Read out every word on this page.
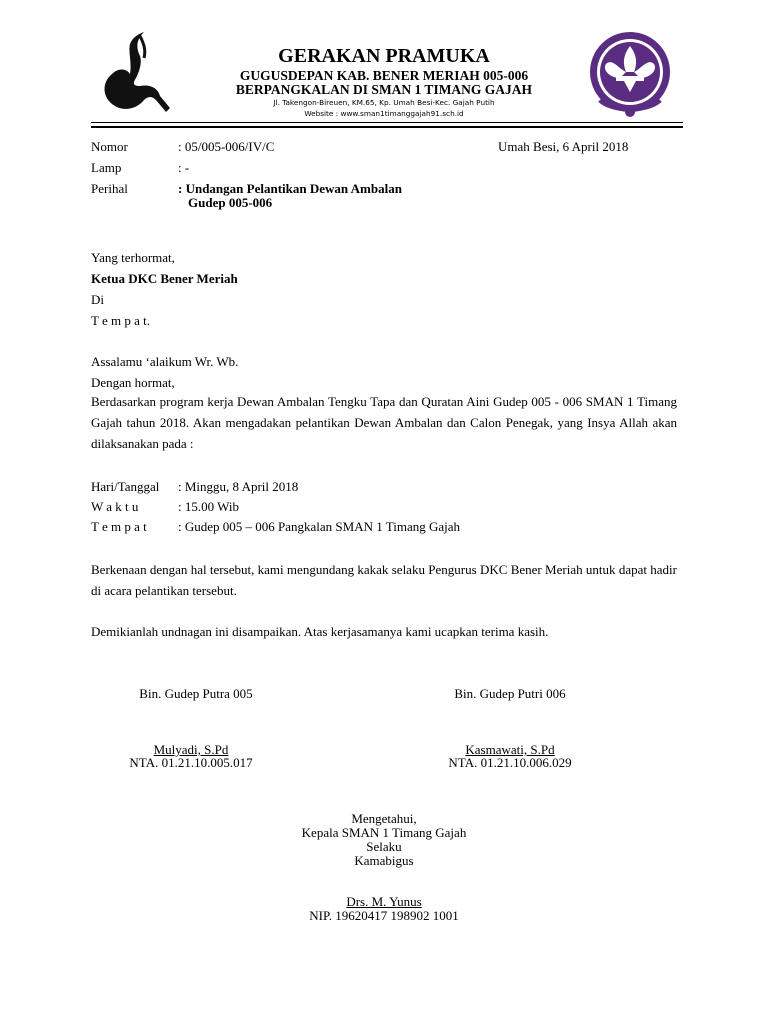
GERAKAN PRAMUKA
GUGUSDEPAN KAB. BENER MERIAH 005-006
BERPANGKALAN DI SMAN 1 TIMANG GAJAH
Jl. Takengon-Bireuen, KM.65, Kp. Umah Besi-Kec. Gajah Putih
Website : www.sman1timanggajah91.sch.id
Nomor	: 05/005-006/IV/C	Umah Besi, 6 April 2018
Lamp	: -
Perihal	: Undangan Pelantikan Dewan Ambalan
Gudep 005-006
Yang terhormat,
Ketua DKC Bener Meriah
Di
T e m p a t.
Assalamu ‘alaikum Wr. Wb.
Dengan hormat,
Berdasarkan program kerja Dewan Ambalan Tengku Tapa dan Quratan Aini Gudep 005 - 006 SMAN 1 Timang Gajah tahun 2018. Akan mengadakan pelantikan Dewan Ambalan dan Calon Penegak, yang Insya Allah akan dilaksanakan pada :
Hari/Tanggal : Minggu, 8 April 2018
W a k t u	: 15.00 Wib
T e m p a t : Gudep 005 – 006 Pangkalan SMAN 1 Timang Gajah
Berkenaan dengan hal tersebut, kami mengundang kakak selaku Pengurus DKC Bener Meriah untuk dapat hadir di acara pelantikan tersebut.
Demikianlah undnagan ini disampaikan. Atas kerjasamanya kami ucapkan terima kasih.
Bin. Gudep Putra 005
Mulyadi, S.Pd
NTA. 01.21.10.005.017
Bin. Gudep Putri 006
Kasmawati, S.Pd
NTA. 01.21.10.006.029
Mengetahui,
Kepala SMAN 1 Timang Gajah
Selaku
Kamabigus
Drs. M. Yunus
NIP. 19620417 198902 1001
